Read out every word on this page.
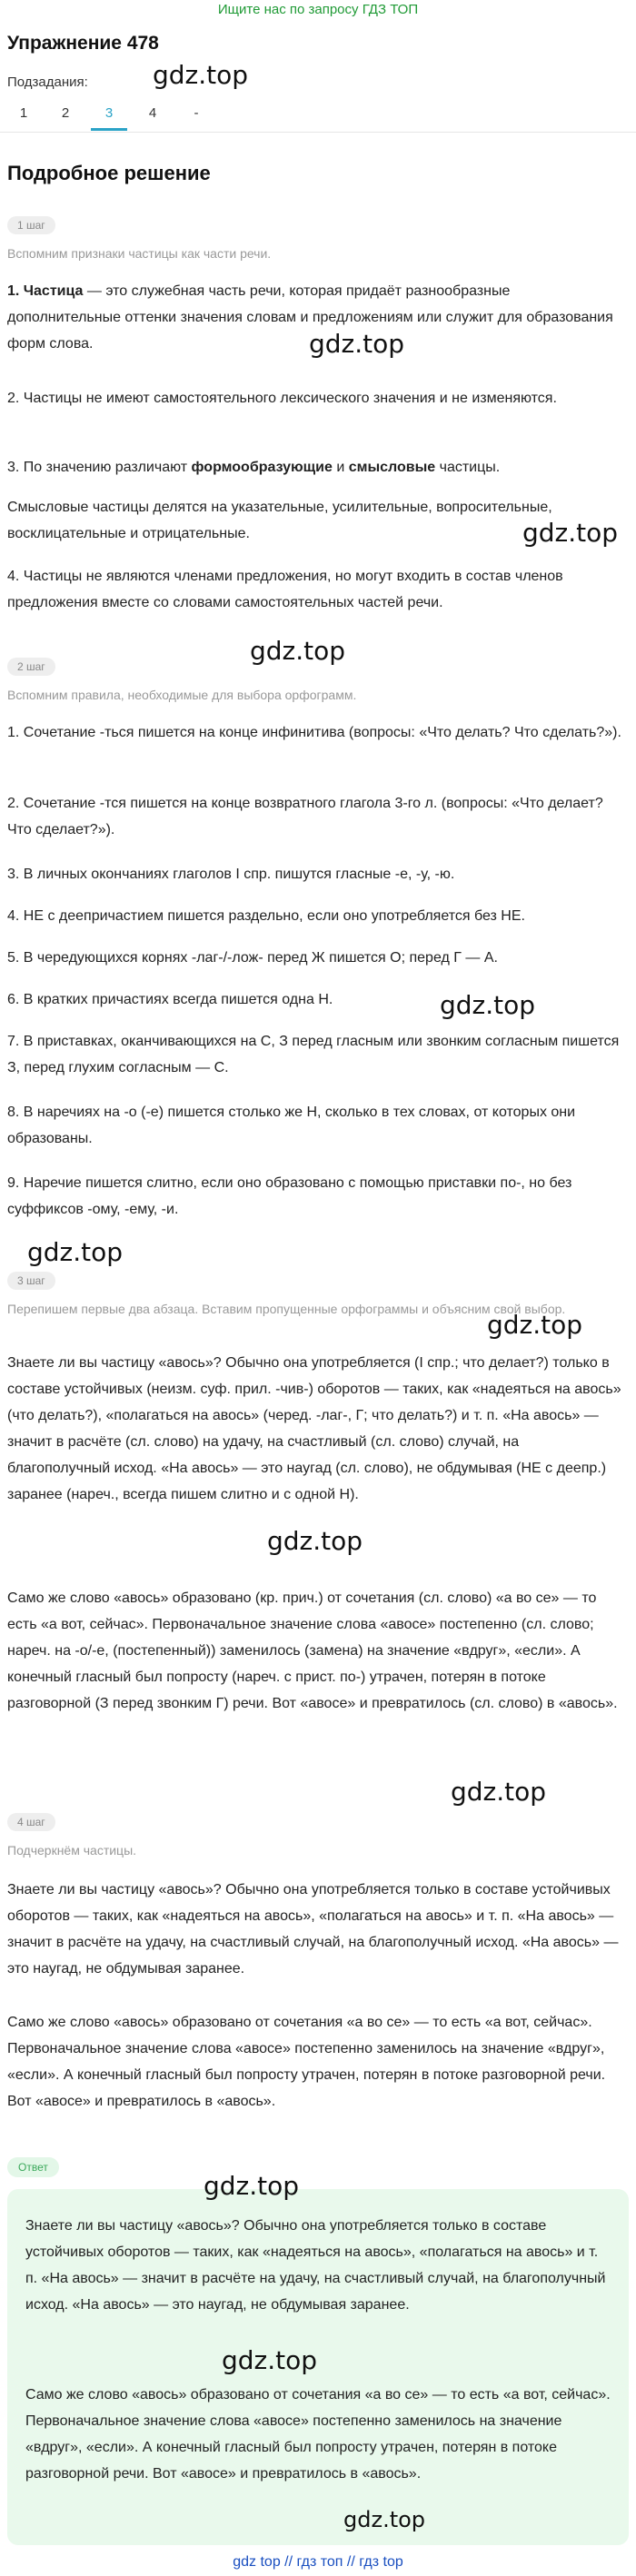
Ищите нас по запросу ГДЗ ТОП
Упражнение 478
gdz.top
Подзадания:
1	2	3	4	-
Подробное решение
1 шаг
Вспомним признаки частицы как части речи.

1. Частица — это служебная часть речи, которая придаёт разнообразные дополнительные оттенки значения словам и предложениям или служит для образования форм слова.

2. Частицы не имеют самостоятельного лексического значения и не изменяются.

3. По значению различают формообразующие и смысловые частицы.

Смысловые частицы делятся на указательные, усилительные, вопросительные, восклицательные и отрицательные.

4. Частицы не являются членами предложения, но могут входить в состав членов предложения вместе со словами самостоятельных частей речи.

gdz.top
gdz.top
gdz.top
2 шаг
Вспомним правила, необходимые для выбора орфограмм.

1. Сочетание -ться пишется на конце инфинитива (вопросы: «Что делать? Что сделать?»).

2. Сочетание -тся пишется на конце возвратного глагола 3-го л. (вопросы: «Что делает? Что сделает?»).

3. В личных окончаниях глаголов I спр. пишутся гласные -е, -у, -ю.

4. НЕ с деепричастием пишется раздельно, если оно употребляется без НЕ.

5. В чередующихся корнях -лаг-/-лож- перед Ж пишется О; перед Г — А.

6. В кратких причастиях всегда пишется одна Н.

7. В приставках, оканчивающихся на С, З перед гласным или звонким согласным пишется З, перед глухим согласным — С.

8. В наречиях на -о (-е) пишется столько же Н, сколько в тех словах, от которых они образованы.

9. Наречие пишется слитно, если оно образовано с помощью приставки по-, но без суффиксов -ому, -ему, -и.

gdz.top
gdz.top
gdz.top
3 шаг
Перепишем первые два абзаца. Вставим пропущенные орфограммы и объясним свой выбор.

Знаете ли вы частицу «авось»? Обычно она употребляется (I спр.; что делает?) только в составе устойчивых (неизм. суф. прил. -чив-) оборотов — таких, как «надеяться на авось» (что делать?), «полагаться на авось» (черед. -лаг-, Г; что делать?) и т. п. «На авось» — значит в расчёте (сл. слово) на удачу, на счастливый (сл. слово) случай, на благополучный исход. «На авось» — это наугад (сл. слово), не обдумывая (НЕ с деепр.) заранее (нареч., всегда пишем слитно и с одной Н).

Само же слово «авось» образовано (кр. прич.) от сочетания (сл. слово) «а во се» — то есть «а вот, сейчас». Первоначальное значение слова «авосе» постепенно (сл. слово; нареч. на -о/-е, (постепенный)) заменилось (замена) на значение «вдруг», «если». А конечный гласный был попросту (нареч. с прист. по-) утрачен, потерян в потоке разговорной (З перед звонким Г) речи. Вот «авосе» и превратилось (сл. слово) в «авось».

gdz.top
gdz.top
4 шаг
Подчеркнём частицы.

Знаете ли вы частицу «авось»? Обычно она употребляется только в составе устойчивых оборотов — таких, как «надеяться на авось», «полагаться на авось» и т. п. «На авось» — значит в расчёте на удачу, на счастливый случай, на благополучный исход. «На авось» — это наугад, не обдумывая заранее.

Само же слово «авось» образовано от сочетания «а во се» — то есть «а вот, сейчас». Первоначальное значение слова «авосе» постепенно заменилось на значение «вдруг», «если». А конечный гласный был попросту утрачен, потерян в потоке разговорной речи. Вот «авосе» и превратилось в «авось».

Ответ

Знаете ли вы частицу «авось»? Обычно она употребляется только в составе устойчивых оборотов — таких, как «надеяться на авось», «полагаться на авось» и т. п. «На авось» — значит в расчёте на удачу, на счастливый случай, на благополучный исход. «На авось» — это наугад, не обдумывая заранее.

Само же слово «авось» образовано от сочетания «а во се» — то есть «а вот, сейчас». Первоначальное значение слова «авосе» постепенно заменилось на значение «вдруг», «если». А конечный гласный был попросту утрачен, потерян в потоке разговорной речи. Вот «авосе» и превратилось в «авось».

gdz.top
gdz.top
gdz.top
gdz top // гдз топ // гдз top
